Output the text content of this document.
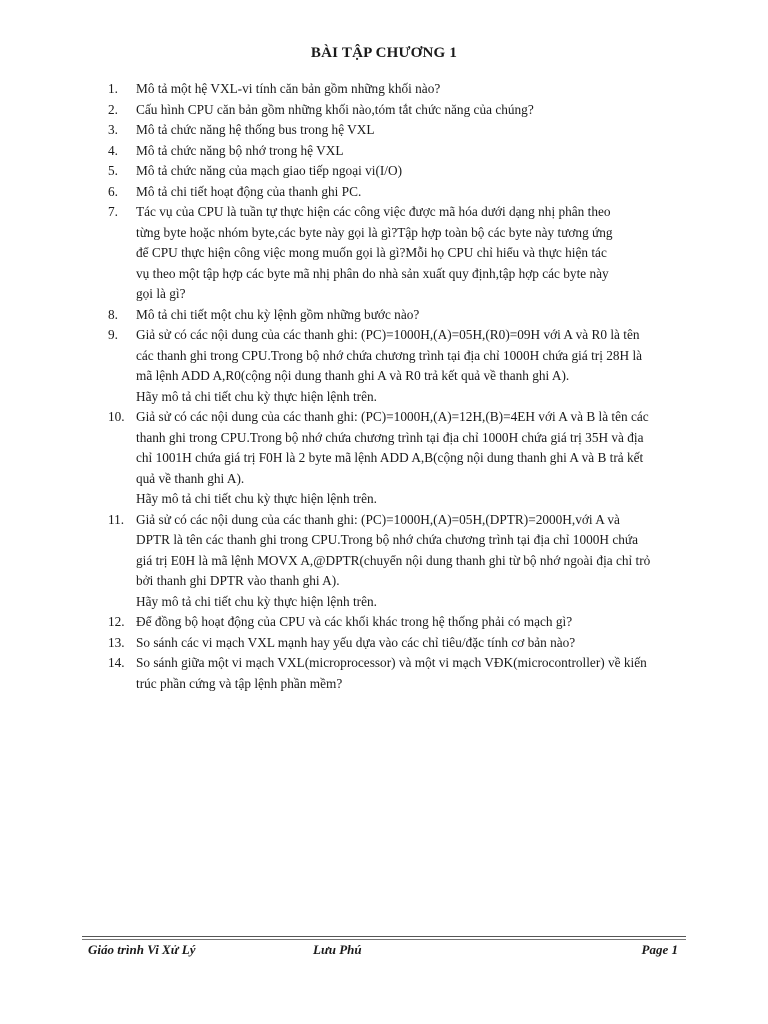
BÀI TẬP CHƯƠNG 1
1.	Mô tả một hệ VXL-vi tính căn bản gồm những khối nào?
2.	Cấu hình CPU căn bản gồm những khối nào,tóm tắt chức năng của chúng?
3.	Mô tả chức năng hệ thống bus trong hệ VXL
4.	Mô tả chức năng bộ nhớ trong hệ VXL
5.	Mô tả chức năng của mạch giao tiếp ngoại vi(I/O)
6.	Mô tả chi tiết hoạt động của thanh ghi PC.
7.	Tác vụ của CPU là tuần tự thực hiện các công việc được mã hóa dưới dạng nhị phân theo
từng byte hoặc nhóm byte,các byte này gọi là gì?Tập hợp toàn bộ các byte này tương ứng
để CPU thực hiện công việc mong muốn gọi là gì?Mỗi họ CPU chỉ hiểu và thực hiện tác
vụ theo một tập hợp các byte mã nhị phân do nhà sản xuất quy định,tập hợp các byte này
gọi là gì?
8.	Mô tả chi tiết một chu kỳ lệnh gồm những bước nào?
9.	Giả sử có các nội dung của các thanh ghi: (PC)=1000H,(A)=05H,(R0)=09H với A và R0 là tên
các thanh ghi trong CPU.Trong bộ nhớ chứa chương trình tại địa chỉ 1000H chứa giá trị 28H là
mã lệnh ADD A,R0(cộng nội dung thanh ghi A và R0 trả kết quả về thanh ghi A).
Hãy mô tả chi tiết chu kỳ thực hiện lệnh trên.
10. Giả sử có các nội dung của các thanh ghi: (PC)=1000H,(A)=12H,(B)=4EH với A và B là tên các
thanh ghi trong CPU.Trong bộ nhớ chứa chương trình tại địa chỉ 1000H chứa giá trị 35H và địa
chỉ 1001H chứa giá trị F0H là 2 byte mã lệnh ADD A,B(cộng nội dung thanh ghi A và B trả kết
quả về thanh ghi A).
Hãy mô tả chi tiết chu kỳ thực hiện lệnh trên.
11. Giả sử có các nội dung của các thanh ghi: (PC)=1000H,(A)=05H,(DPTR)=2000H,với A và
DPTR là tên các thanh ghi trong CPU.Trong bộ nhớ chứa chương trình tại địa chỉ 1000H chứa
giá trị E0H là mã lệnh MOVX A,@DPTR(chuyển nội dung thanh ghi từ bộ nhớ ngoài địa chỉ trỏ
bởi thanh ghi DPTR vào thanh ghi A).
Hãy mô tả chi tiết chu kỳ thực hiện lệnh trên.
12. Để đồng bộ hoạt động của CPU và các khối khác trong hệ thống phải có mạch gì?
13. So sánh các vi mạch VXL mạnh hay yếu dựa vào các chỉ tiêu/đặc tính cơ bản nào?
14. So sánh giữa một vi mạch VXL(microprocessor) và một vi mạch VĐK(microcontroller) về kiến
trúc phần cứng và tập lệnh phần mềm?
Giáo trình Vi Xử Lý	Lưu Phú	Page 1
